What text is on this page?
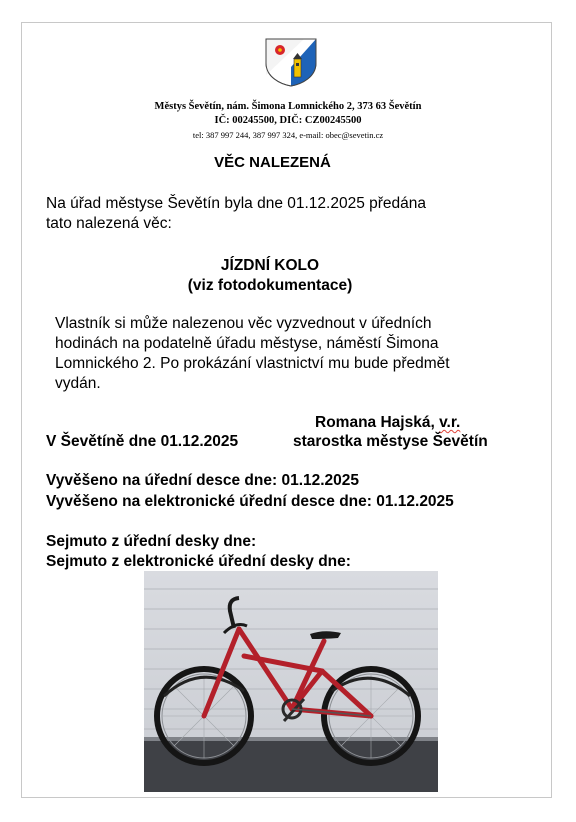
Městys Ševětín, nám. Šimona Lomnického 2, 373 63 Ševětín
IČ: 00245500, DIČ: CZ00245500
tel: 387 997 244, 387 997 324, e-mail: obec@sevetin.cz
VĚC NALEZENÁ
Na úřad městyse Ševětín byla dne 01.12.2025 předána
tato nalezená věc:
JÍZDNÍ KOLO
(viz fotodokumentace)
Vlastník si může nalezenou věc vyzvednout v úředních
hodinách na podatelně úřadu městyse, náměstí Šimona
Lomnického 2. Po prokázání vlastnictví mu bude předmět
vydán.
Romana Hajská, v.r.
V Ševětíně dne 01.12.2025	starostka městyse Ševětín
Vyvěšeno na úřední desce dne: 01.12.2025
Vyvěšeno na elektronické úřední desce dne: 01.12.2025
Sejmuto z úřední desky dne:
Sejmuto z elektronické úřední desky dne:
